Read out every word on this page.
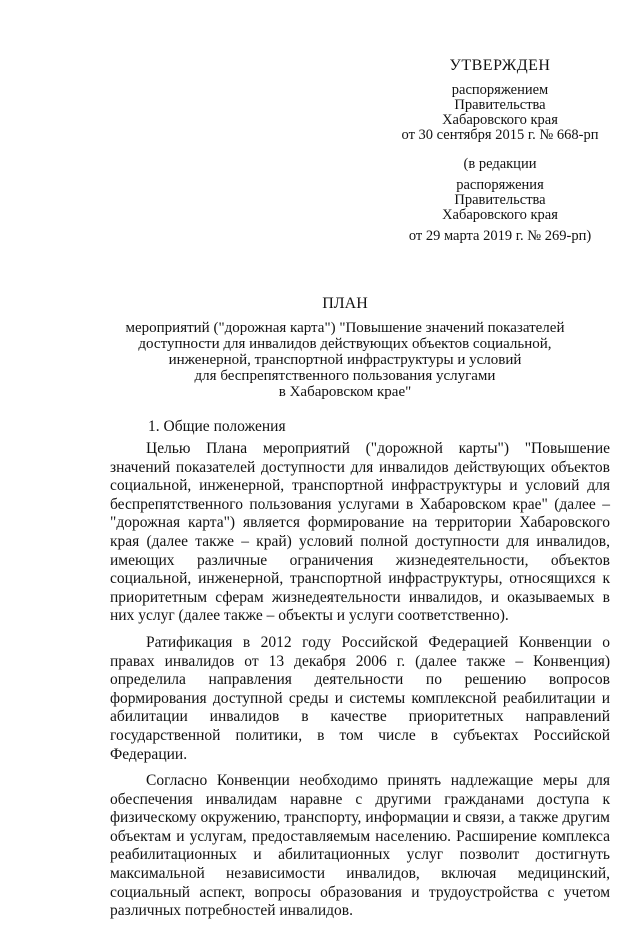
УТВЕРЖДЕН
распоряжением
Правительства
Хабаровского края
от 30 сентября 2015 г. № 668-рп
(в редакции
распоряжения
Правительства
Хабаровского края
от 29 марта 2019 г. № 269-рп)
ПЛАН
мероприятий ("дорожная карта") "Повышение значений показателей
доступности для инвалидов действующих объектов социальной,
инженерной, транспортной инфраструктуры и условий
для беспрепятственного пользования услугами
в Хабаровском крае"
1. Общие положения

Целью Плана мероприятий ("дорожной карты") "Повышение значений показателей доступности для инвалидов действующих объектов социальной, инженерной, транспортной инфраструктуры и условий для беспрепятственного пользования услугами в Хабаровском крае" (далее – "дорожная карта") является формирование на территории Хабаровского края (далее также – край) условий полной доступности для инвалидов, имеющих различные ограничения жизнедеятельности, объектов социальной, инженерной, транспортной инфраструктуры, относящихся к приоритетным сферам жизнедеятельности инвалидов, и оказываемых в них услуг (далее также – объекты и услуги соответственно).

Ратификация в 2012 году Российской Федерацией Конвенции о правах инвалидов от 13 декабря 2006 г. (далее также – Конвенция) определила направления деятельности по решению вопросов формирования доступной среды и системы комплексной реабилитации и абилитации инвалидов в качестве приоритетных направлений государственной политики, в том числе в субъектах Российской Федерации.

Согласно Конвенции необходимо принять надлежащие меры для обеспечения инвалидам наравне с другими гражданами доступа к физическому окружению, транспорту, информации и связи, а также другим объектам и услугам, предоставляемым населению. Расширение комплекса реабилитационных и абилитационных услуг позволит достигнуть максимальной независимости инвалидов, включая медицинский, социальный аспект, вопросы образования и трудоустройства с учетом различных потребностей инвалидов.
